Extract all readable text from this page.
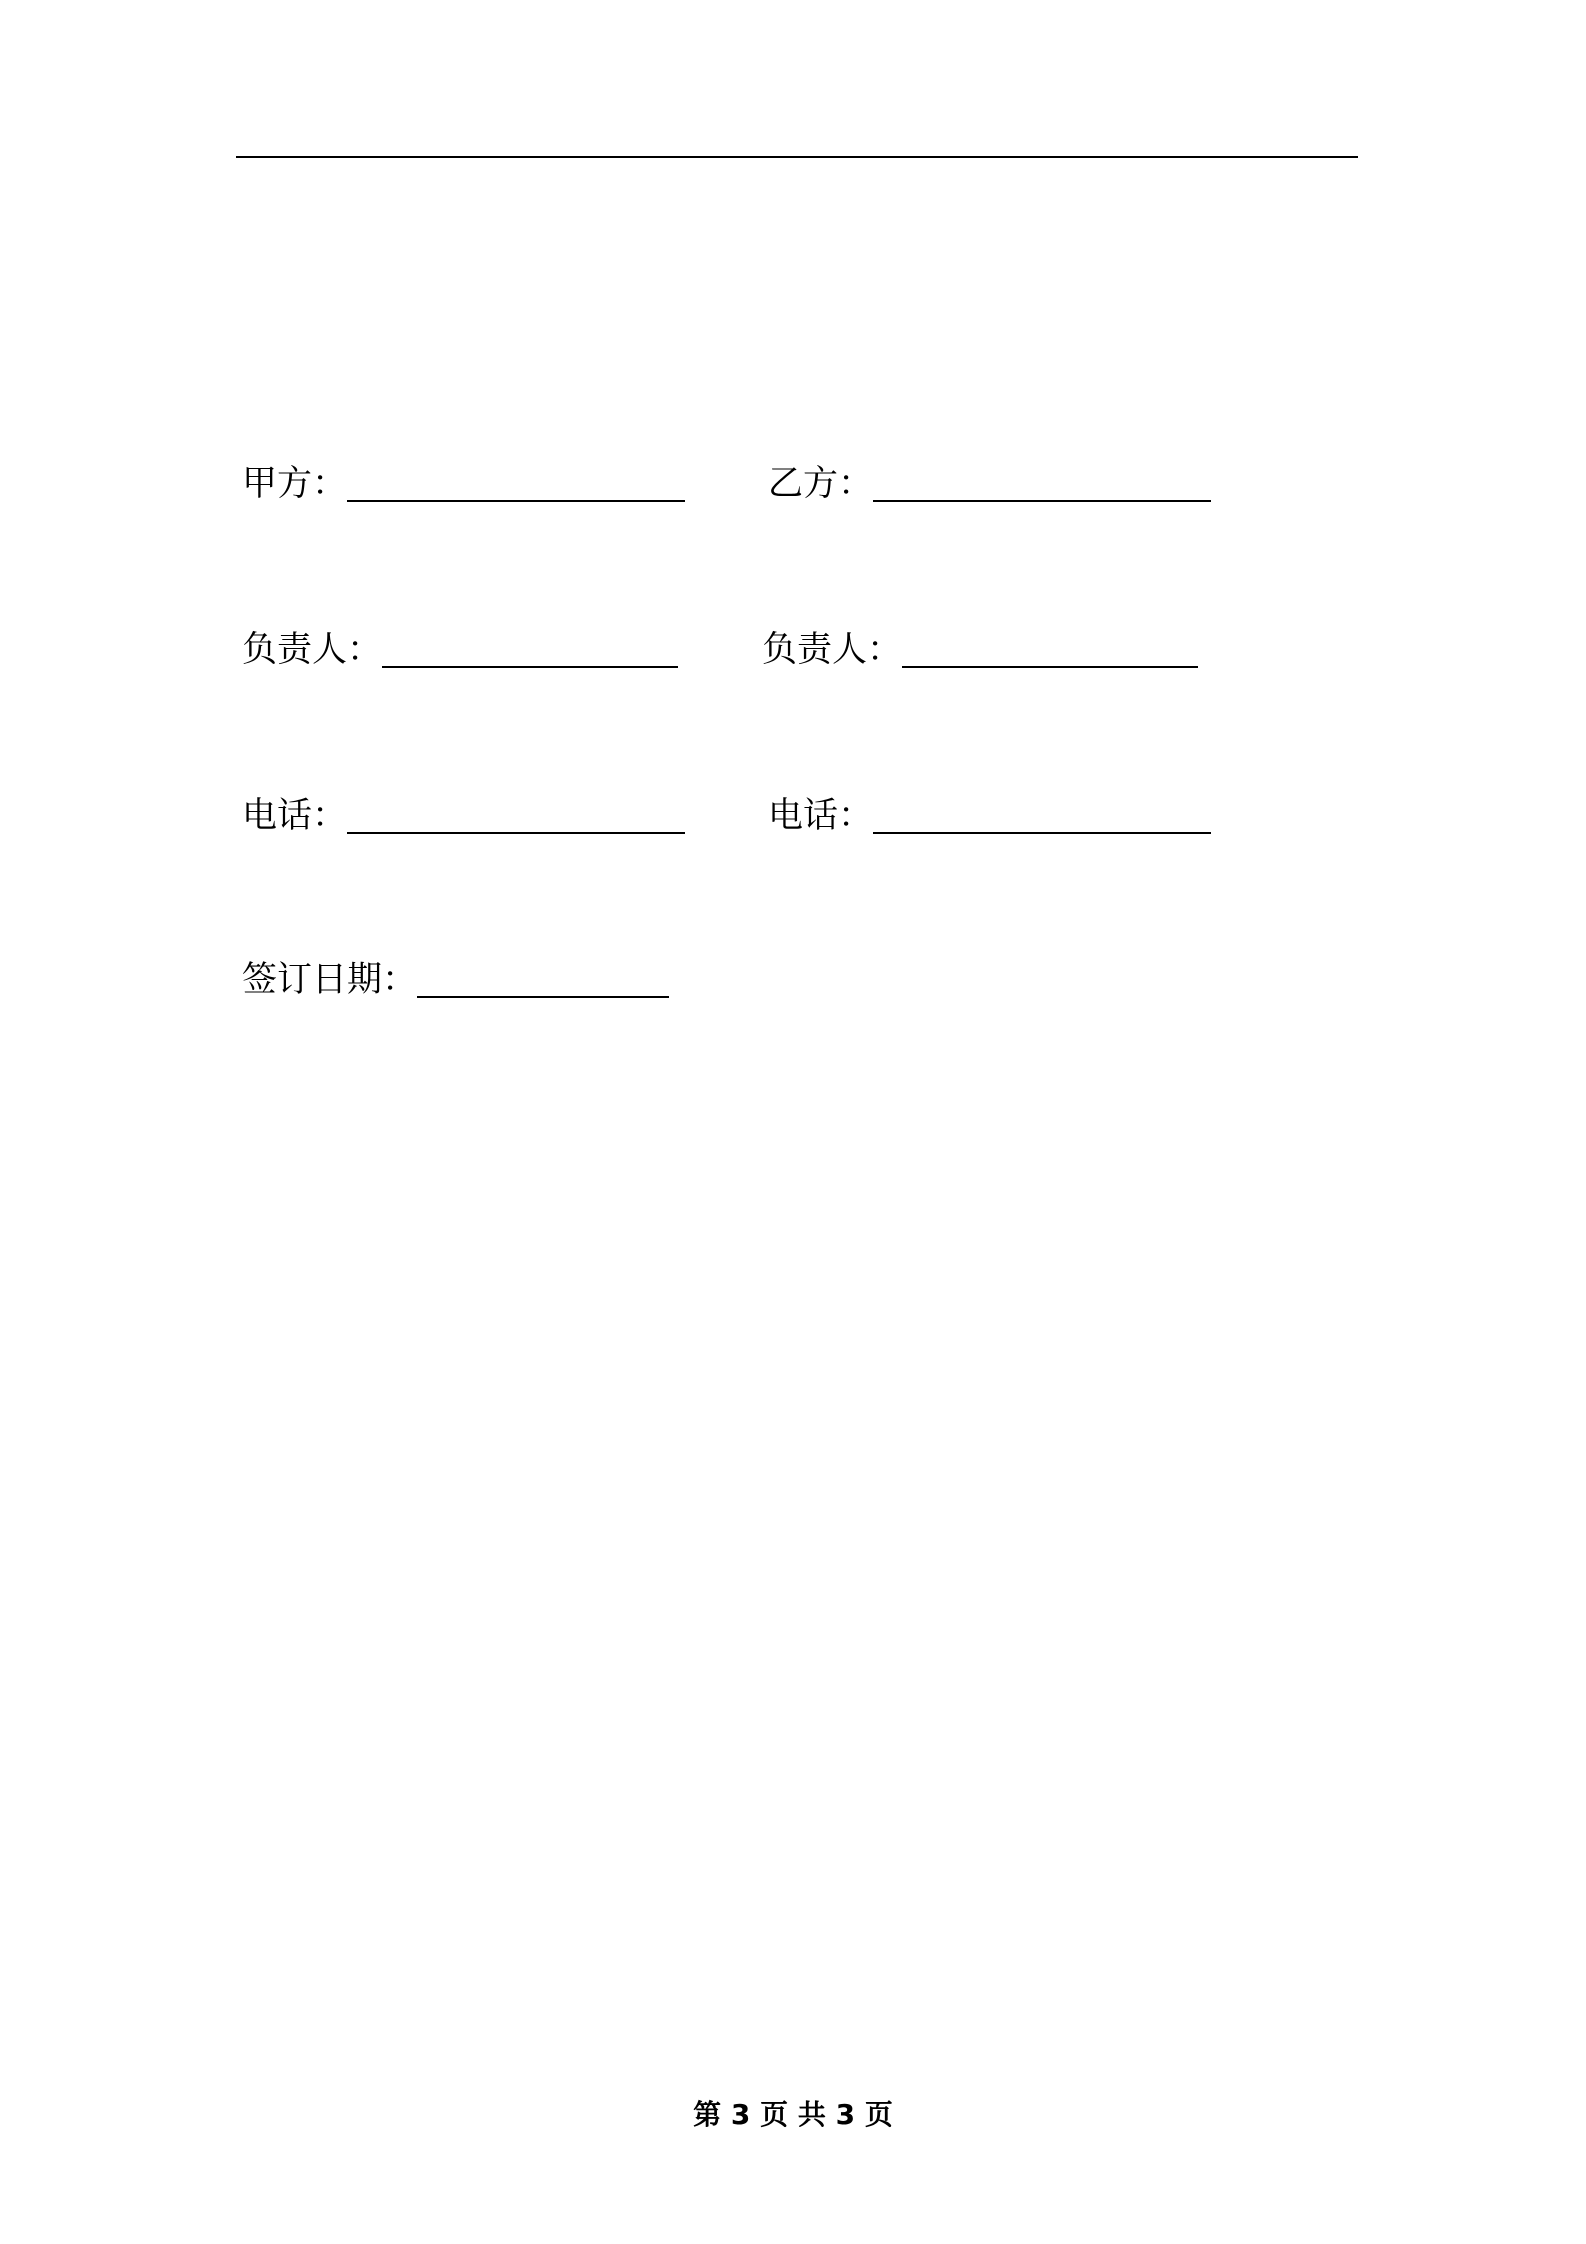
甲方：	乙方：
负责人：	负责人：
电话：	电话：
签订日期：
第 3 页 共 3 页
